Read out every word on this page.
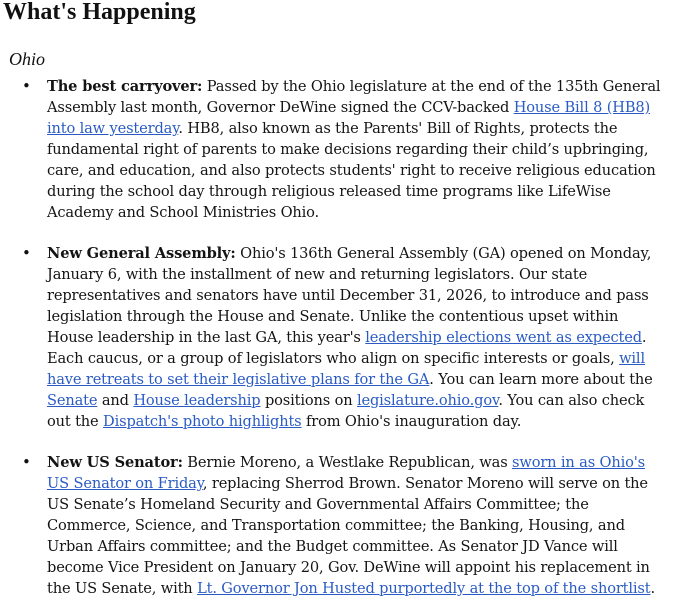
What's Happening
Ohio
• The best carryover: Passed by the Ohio legislature at the end of the 135th General Assembly last month, Governor DeWine signed the CCV-backed House Bill 8 (HB8) into law yesterday. HB8, also known as the Parents' Bill of Rights, protects the fundamental right of parents to make decisions regarding their child’s upbringing, care, and education, and also protects students' right to receive religious education during the school day through religious released time programs like LifeWise Academy and School Ministries Ohio.

• New General Assembly: Ohio's 136th General Assembly (GA) opened on Monday, January 6, with the installment of new and returning legislators. Our state representatives and senators have until December 31, 2026, to introduce and pass legislation through the House and Senate. Unlike the contentious upset within House leadership in the last GA, this year's leadership elections went as expected. Each caucus, or a group of legislators who align on specific interests or goals, will have retreats to set their legislative plans for the GA. You can learn more about the Senate and House leadership positions on legislature.ohio.gov. You can also check out the Dispatch's photo highlights from Ohio's inauguration day.

• New US Senator: Bernie Moreno, a Westlake Republican, was sworn in as Ohio's US Senator on Friday, replacing Sherrod Brown. Senator Moreno will serve on the US Senate’s Homeland Security and Governmental Affairs Committee; the Commerce, Science, and Transportation committee; the Banking, Housing, and Urban Affairs committee; and the Budget committee. As Senator JD Vance will become Vice President on January 20, Gov. DeWine will appoint his replacement in the US Senate, with Lt. Governor Jon Husted purportedly at the top of the shortlist.
